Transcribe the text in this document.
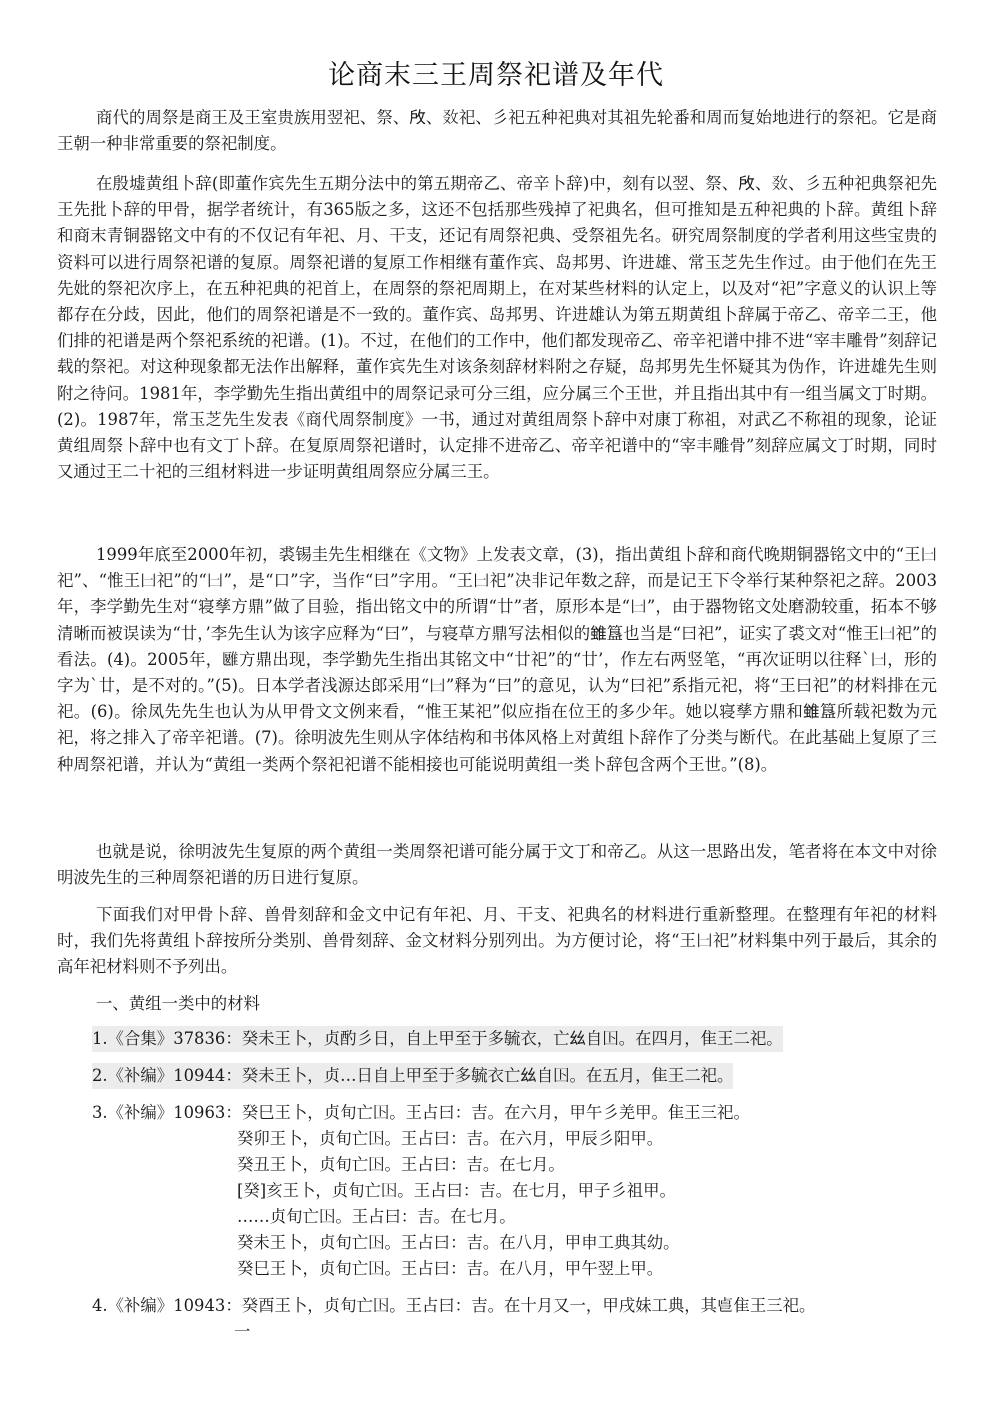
论商末三王周祭祀谱及年代
商代的周祭是商王及王室贵族用翌祀、祭、𢼄、𢼅祀、彡祀五种祀典对其祖先轮番和周而复始地进行的祭祀。它是商王朝一种非常重要的祭祀制度。
在殷墟黄组卜辞(即董作宾先生五期分法中的第五期帝乙、帝辛卜辞)中，刻有以翌、祭、𢼄、𢼅、彡五种祀典祭祀先王先批卜辞的甲骨，据学者统计，有365版之多，这还不包括那些残掉了祀典名，但可推知是五种祀典的卜辞。黄组卜辞和商末青铜器铭文中有的不仅记有年祀、月、干支，还记有周祭祀典、受祭祖先名。研究周祭制度的学者利用这些宝贵的资料可以进行周祭祀谱的复原。周祭祀谱的复原工作相继有董作宾、岛邦男、许进雄、常玉芝先生作过。由于他们在先王先妣的祭祀次序上，在五种祀典的祀首上，在周祭的祭祀周期上，在对某些材料的认定上，以及对“祀”字意义的认识上等都存在分歧，因此，他们的周祭祀谱是不一致的。董作宾、岛邦男、许进雄认为第五期黄组卜辞属于帝乙、帝辛二王，他们排的祀谱是两个祭祀系统的祀谱。(1)。不过，在他们的工作中，他们都发现帝乙、帝辛祀谱中排不进“宰丰雕骨”刻辞记载的祭祀。对这种现象都无法作出解释，董作宾先生对该条刻辞材料附之存疑，岛邦男先生怀疑其为伪作，许进雄先生则附之待问。1981年，李学勤先生指出黄组中的周祭记录可分三组，应分属三个王世，并且指出其中有一组当属文丁时期。(2)。1987年，常玉芝先生发表《商代周祭制度》一书，通过对黄组周祭卜辞中对康丁称祖，对武乙不称祖的现象，论证黄组周祭卜辞中也有文丁卜辞。在复原周祭祀谱时，认定排不进帝乙、帝辛祀谱中的“宰丰雕骨”刻辞应属文丁时期，同时又通过王二十祀的三组材料进一步证明黄组周祭应分属三王。
1999年底至2000年初，裘锡圭先生相继在《文物》上发表文章，(3)，指出黄组卜辞和商代晚期铜器铭文中的“王𠙵祀”、“惟王𠙵祀”的“𠙵”，是“口”字，当作“曰”字用。“王𠙵祀”决非记年数之辞，而是记王下令举行某种祭祀之辞。2003年，李学勤先生对“寝孳方鼎”做了目验，指出铭文中的所谓“廿”者，原形本是“𠙵”，由于器物铭文处磨泐较重，拓本不够清晰而被误读为“廿，’李先生认为该字应释为“曰”，与寝草方鼎写法相似的𨿽簋也当是“曰祀”，证实了裘文对“惟王𠙵祀”的看法。(4)。2005年，𩀀方鼎出现，李学勤先生指出其铭文中“廿祀”的“廿’，作左右两竖笔，“再次证明以往释`𠙵，形的字为`廿，是不对的。”(5)。日本学者浅源达郎采用“𠙵”释为“曰”的意见，认为“曰祀”系指元祀，将“王曰祀”的材料排在元祀。(6)。徐凤先先生也认为从甲骨文文例来看，“惟王某祀”似应指在位王的多少年。她以寝孳方鼎和𨿽簋所载祀数为元祀，将之排入了帝辛祀谱。(7)。徐明波先生则从字体结构和书体风格上对黄组卜辞作了分类与断代。在此基础上复原了三种周祭祀谱，并认为“黄组一类两个祭祀祀谱不能相接也可能说明黄组一类卜辞包含两个王世。”(8)。
也就是说，徐明波先生复原的两个黄组一类周祭祀谱可能分属于文丁和帝乙。从这一思路出发，笔者将在本文中对徐明波先生的三种周祭祀谱的历日进行复原。
下面我们对甲骨卜辞、兽骨刻辞和金文中记有年祀、月、干支、祀典名的材料进行重新整理。在整理有年祀的材料时，我们先将黄组卜辞按所分类别、兽骨刻辞、金文材料分别列出。为方便讨论，将“王𠙵祀”材料集中列于最后，其余的高年祀材料则不予列出。
一、黄组一类中的材料
1.《合集》37836：癸未王卜，贞酌彡日，自上甲至于多毓衣，亡𢆶自𡆥。在四月，隹王二祀。
2.《补编》10944：癸未王卜，贞…日自上甲至于多毓衣亡𢆶自𡆥。在五月，隹王二祀。
3.《补编》10963：癸巳王卜，贞旬亡𡆥。王占曰：吉。在六月，甲午彡羌甲。隹王三祀。
癸卯王卜，贞旬亡𡆥。王占曰：吉。在六月，甲辰彡阳甲。
癸丑王卜，贞旬亡𡆥。王占曰：吉。在七月。
[癸]亥王卜，贞旬亡𡆥。王占曰：吉。在七月，甲子彡祖甲。
……贞旬亡𡆥。王占曰：吉。在七月。
癸未王卜，贞旬亡𡆥。王占曰：吉。在八月，甲申工典其幼。
癸巳王卜，贞旬亡𡆥。王占曰：吉。在八月，甲午翌上甲。
4.《补编》10943：癸酉王卜，贞旬亡𡆥。王占曰：吉。在十月又一，甲戌妹工典，其𠧢隹王三祀。
一
